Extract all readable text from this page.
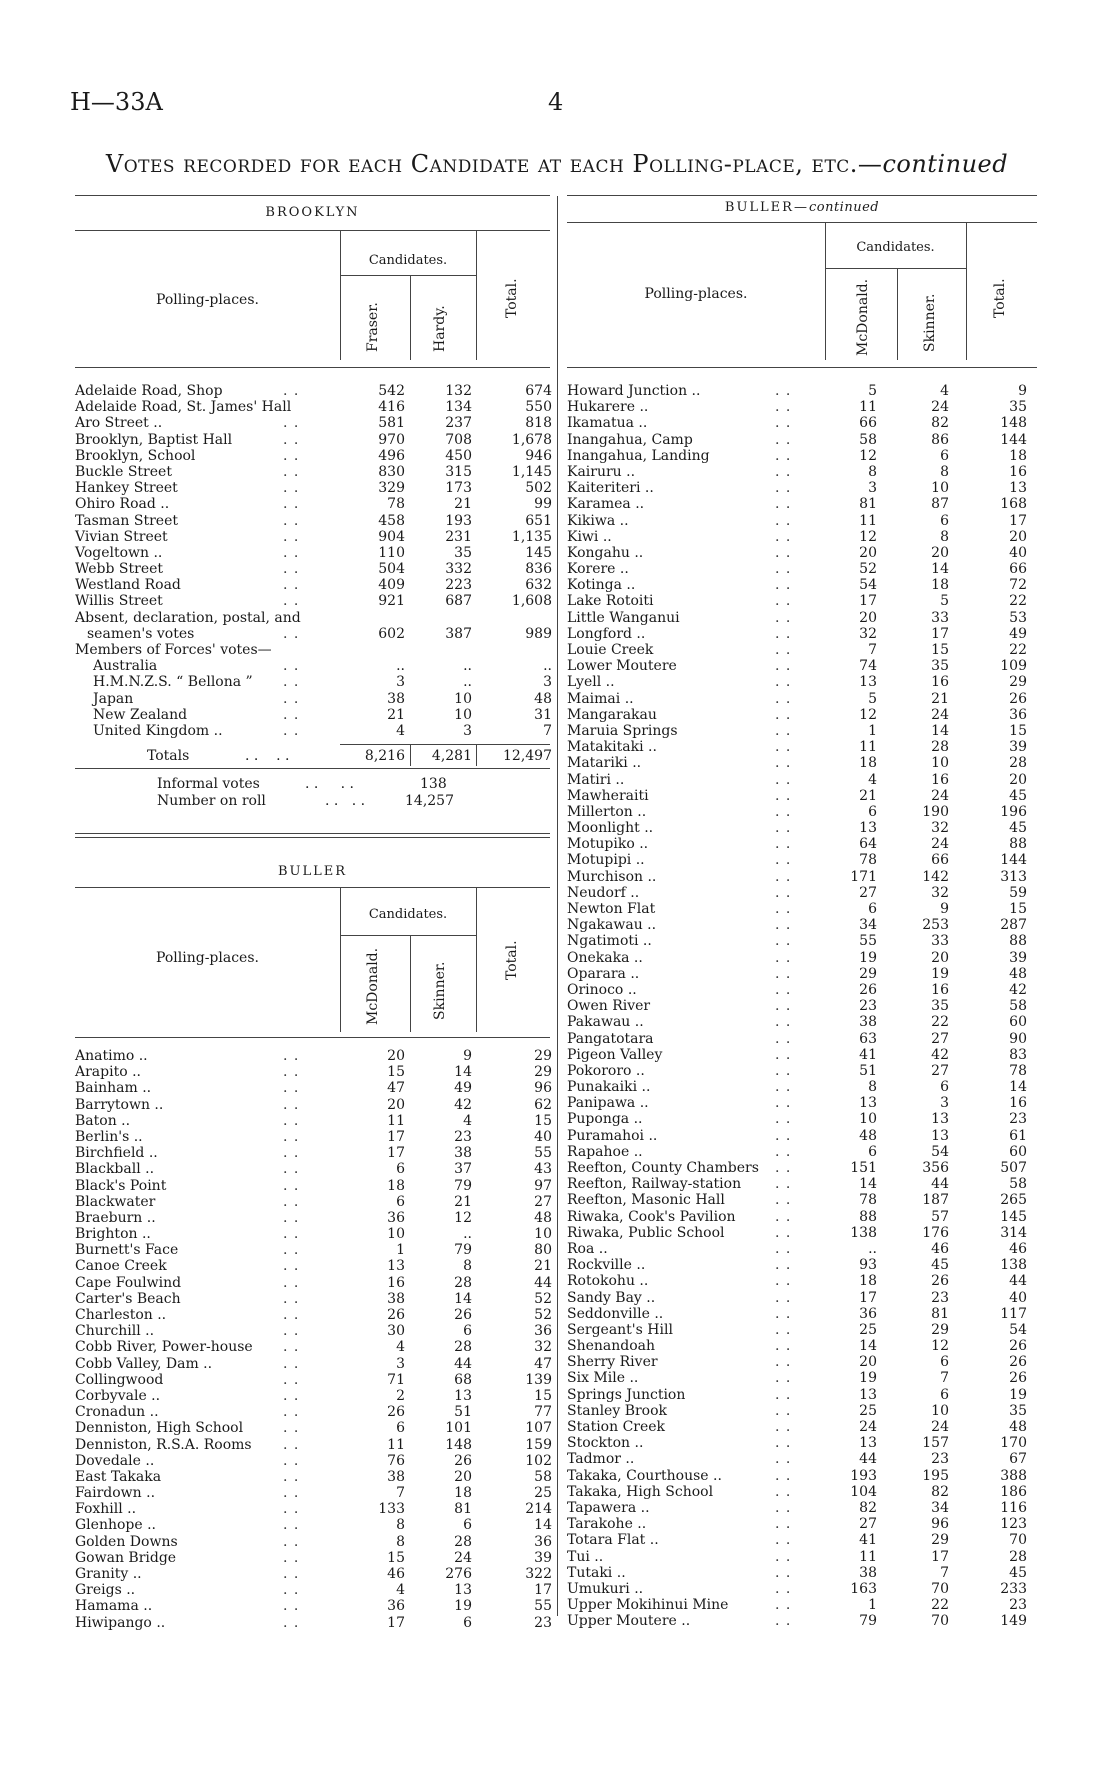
H—33A	4
Votes recorded for each Candidate at each Polling-place, etc.—continued
BROOKLYN
Candidates.
Polling-places.
Fraser.	Hardy.
Total.
Adelaide Road, Shop	. .	542	132	674
Adelaide Road, St. James' Hall	416	134	550
Aro Street ..	. .	581	237	818
Brooklyn, Baptist Hall	. .	970	708	1,678
Brooklyn, School	. .	496	450	946
Buckle Street	. .	830	315	1,145
Hankey Street	. .	329	173	502
Ohiro Road ..	. .	78	21	99
Tasman Street	. .	458	193	651
Vivian Street	. .	904	231	1,135
Vogeltown ..	. .	110	35	145
Webb Street	. .	504	332	836
Westland Road	. .	409	223	632
Willis Street	. .	921	687	1,608
Absent, declaration, postal, and
seamen's votes	. .	602	387	989
Members of Forces' votes—
Australia	. .	..	..	..
H.M.N.Z.S. “ Bellona ” . .	3	..	3
Japan	. .	38	10	48
New Zealand	. .	21	10	31
United Kingdom ..	. .	4	3	7
Totals	. .    . .	8,216 4,281 12,497
Informal votes	. .     . .	138
Number on roll	. .   . .	14,257
BULLER
Candidates.
Polling-places.	McDonald.	Skinner.
Total.
Anatimo ..	. .	20	9	29
Arapito ..	. .	15	14	29
Bainham ..	. .	47	49	96
Barrytown ..	. .	20	42	62
Baton ..	. .	11	4	15
Berlin's ..	. .	17	23	40
Birchfield ..	. .	17	38	55
Blackball ..	. .	6	37	43
Black's Point	. .	18	79	97
Blackwater	. .	6	21	27
Braeburn ..	. .	36	12	48
Brighton ..	. .	10	..	10
Burnett's Face	. .	1	79	80
Canoe Creek	. .	13	8	21
Cape Foulwind	. .	16	28	44
Carter's Beach	. .	38	14	52
Charleston ..	. .	26	26	52
Churchill ..	. .	30	6	36
Cobb River, Power-house . .	4	28	32
Cobb Valley, Dam ..	. .	3	44	47
Collingwood	. .	71	68	139
Corbyvale ..	. .	2	13	15
Cronadun ..	. .	26	51	77
Denniston, High School	. .	6	101	107
Denniston, R.S.A. Rooms . .	11	148	159
Dovedale ..	. .	76	26	102
East Takaka	. .	38	20	58
Fairdown ..	. .	7	18	25
Foxhill ..	. .	133	81	214
Glenhope ..	. .	8	6	14
Golden Downs	. .	8	28	36
Gowan Bridge	. .	15	24	39
Granity ..	. .	46	276	322
Greigs ..	. .	4	13	17
Hamama ..	. .	36	19	55
Hiwipango ..	. .	17	6	23
BULLER—continued
Candidates.
Polling-places.	McDonald.	Skinner.	Total.
Howard Junction ..	. .	5	4	9
Hukarere ..	. .	11	24	35
Ikamatua ..	. .	66	82	148
Inangahua, Camp	. .	58	86	144
Inangahua, Landing	. .	12	6	18
Kairuru ..	. .	8	8	16
Kaiteriteri ..	. .	3	10	13
Karamea ..	. .	81	87	168
Kikiwa ..	. .	11	6	17
Kiwi ..	. .	12	8	20
Kongahu ..	. .	20	20	40
Korere ..	. .	52	14	66
Kotinga ..	. .	54	18	72
Lake Rotoiti	. .	17	5	22
Little Wanganui	. .	20	33	53
Longford ..	. .	32	17	49
Louie Creek	. .	7	15	22
Lower Moutere	. .	74	35	109
Lyell ..	. .	13	16	29
Maimai ..	. .	5	21	26
Mangarakau	. .	12	24	36
Maruia Springs	. .	1	14	15
Matakitaki ..	. .	11	28	39
Matariki ..	. .	18	10	28
Matiri ..	. .	4	16	20
Mawheraiti	. .	21	24	45
Millerton ..	. .	6	190	196
Moonlight ..	. .	13	32	45
Motupiko ..	. .	64	24	88
Motupipi ..	. .	78	66	144
Murchison ..	. .	171	142	313
Neudorf ..	. .	27	32	59
Newton Flat	. .	6	9	15
Ngakawau ..	. .	34	253	287
Ngatimoti ..	. .	55	33	88
Onekaka ..	. .	19	20	39
Oparara ..	. .	29	19	48
Orinoco ..	. .	26	16	42
Owen River	. .	23	35	58
Pakawau ..	. .	38	22	60
Pangatotara	. .	63	27	90
Pigeon Valley	. .	41	42	83
Pokororo ..	. .	51	27	78
Punakaiki ..	. .	8	6	14
Panipawa ..	. .	13	3	16
Puponga ..	. .	10	13	23
Puramahoi ..	. .	48	13	61
Rapahoe ..	. .	6	54	60
Reefton, County Chambers . .	151	356	507
Reefton, Railway-station . .	14	44	58
Reefton, Masonic Hall	. .	78	187	265
Riwaka, Cook's Pavilion	. .	88	57	145
Riwaka, Public School	. .	138	176	314
Roa ..	. .	..	46	46
Rockville ..	. .	93	45	138
Rotokohu ..	. .	18	26	44
Sandy Bay ..	. .	17	23	40
Seddonville ..	. .	36	81	117
Sergeant's Hill	. .	25	29	54
Shenandoah	. .	14	12	26
Sherry River	. .	20	6	26
Six Mile ..	. .	19	7	26
Springs Junction	. .	13	6	19
Stanley Brook	. .	25	10	35
Station Creek	. .	24	24	48
Stockton ..	. .	13	157	170
Tadmor ..	. .	44	23	67
Takaka, Courthouse ..	. .	193	195	388
Takaka, High School	. .	104	82	186
Tapawera ..	. .	82	34	116
Tarakohe ..	. .	27	96	123
Totara Flat ..	. .	41	29	70
Tui ..	. .	11	17	28
Tutaki ..	. .	38	7	45
Umukuri ..	. .	163	70	233
Upper Mokihinui Mine	. .	1	22	23
Upper Moutere ..	. .	79	70	149
